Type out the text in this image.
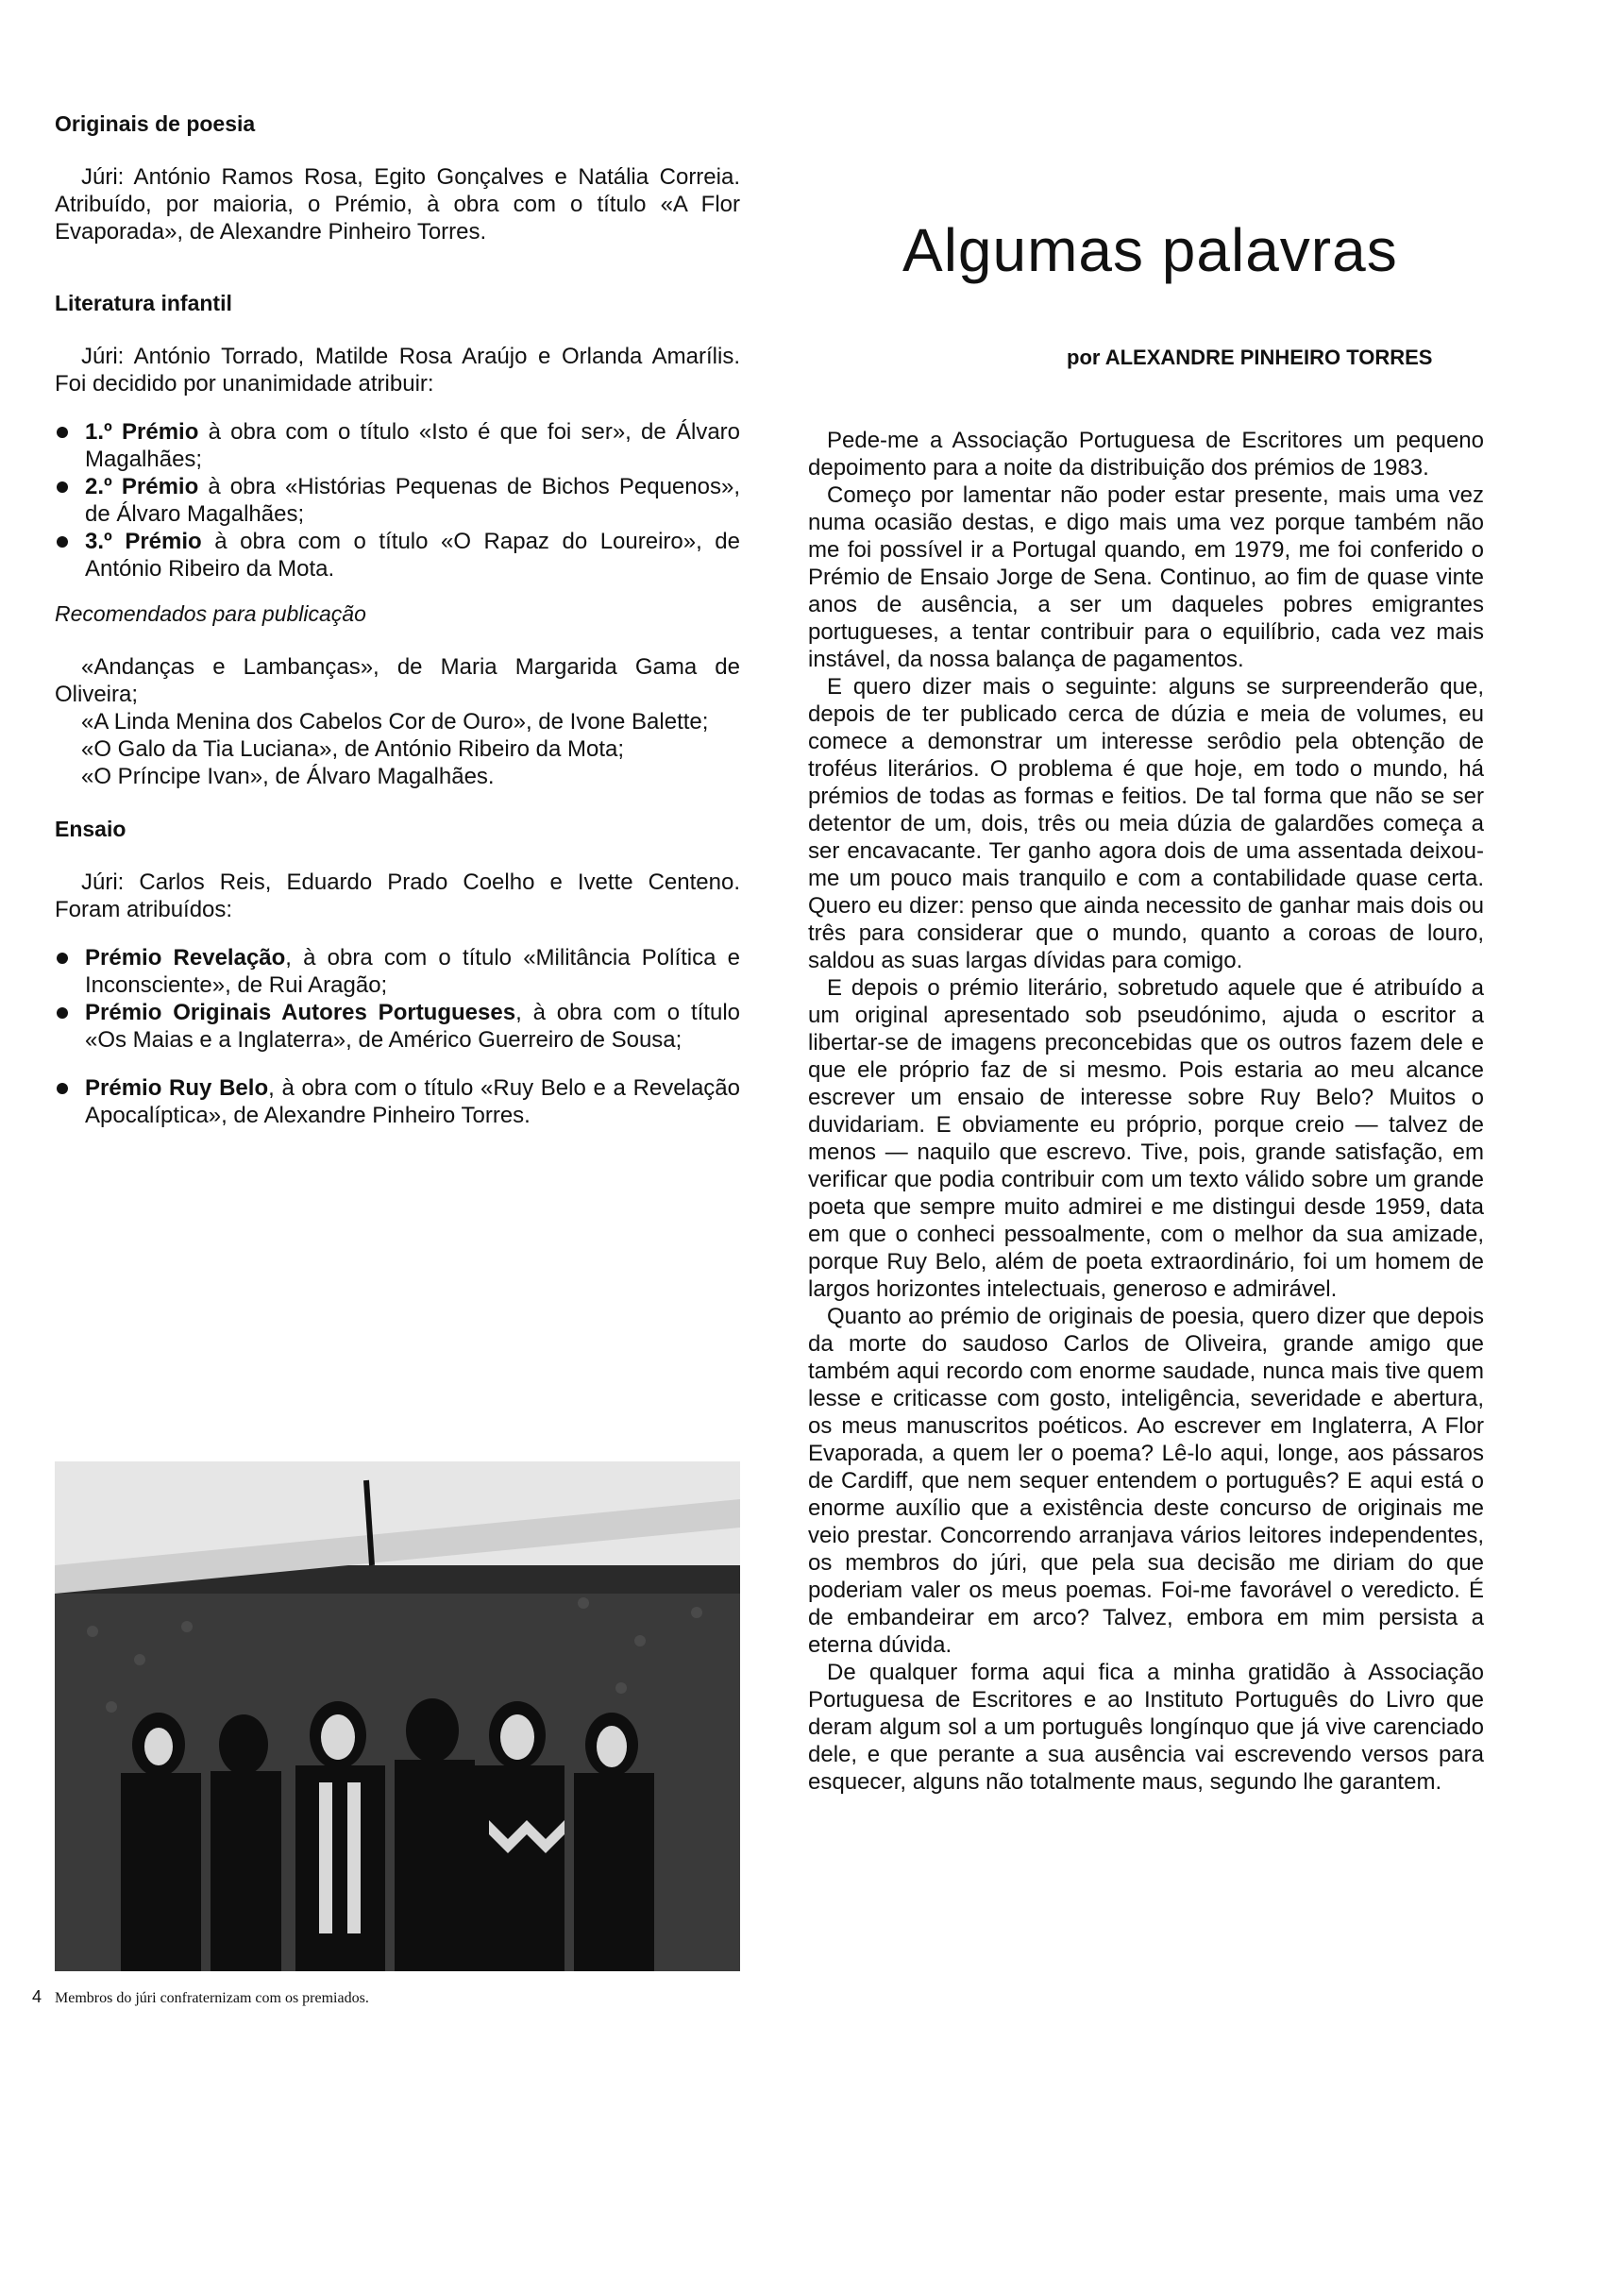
Originais de poesia

Júri: António Ramos Rosa, Egito Gonçalves e Natália Correia. Atribuído, por maioria, o Prémio, à obra com o título «A Flor Evaporada», de Alexandre Pinheiro Torres.

Literatura infantil

Júri: António Torrado, Matilde Rosa Araújo e Orlanda Amarílis. Foi decidido por unanimidade atribuir:

1.º Prémio à obra com o título «Isto é que foi ser», de Álvaro Magalhães;
2.º Prémio à obra «Histórias Pequenas de Bichos Pequenos», de Álvaro Magalhães;
3.º Prémio à obra com o título «O Rapaz do Loureiro», de António Ribeiro da Mota.

Recomendados para publicação

«Andanças e Lambanças», de Maria Margarida Gama de Oliveira;

«A Linda Menina dos Cabelos Cor de Ouro», de Ivone Balette;

«O Galo da Tia Luciana», de António Ribeiro da Mota;

«O Príncipe Ivan», de Álvaro Magalhães.

Ensaio

Júri: Carlos Reis, Eduardo Prado Coelho e Ivette Centeno. Foram atribuídos:

Prémio Revelação, à obra com o título «Militância Política e Inconsciente», de Rui Aragão;
Prémio Originais Autores Portugueses, à obra com o título «Os Maias e a Inglaterra», de Américo Guerreiro de Sousa;
Prémio Ruy Belo, à obra com o título «Ruy Belo e a Revelação Apocalíptica», de Alexandre Pinheiro Torres.
4 Membros do júri confraternizam com os premiados.
Algumas palavras

por ALEXANDRE PINHEIRO TORRES

Pede-me a Associação Portuguesa de Escritores um pequeno depoimento para a noite da distribuição dos prémios de 1983.

Começo por lamentar não poder estar presente, mais uma vez numa ocasião destas, e digo mais uma vez porque também não me foi possível ir a Portugal quando, em 1979, me foi conferido o Prémio de Ensaio Jorge de Sena. Continuo, ao fim de quase vinte anos de ausência, a ser um daqueles pobres emigrantes portugueses, a tentar contribuir para o equilíbrio, cada vez mais instável, da nossa balança de pagamentos.

E quero dizer mais o seguinte: alguns se surpreenderão que, depois de ter publicado cerca de dúzia e meia de volumes, eu comece a demonstrar um interesse serôdio pela obtenção de troféus literários. O problema é que hoje, em todo o mundo, há prémios de todas as formas e feitios. De tal forma que não se ser detentor de um, dois, três ou meia dúzia de galardões começa a ser encavacante. Ter ganho agora dois de uma assentada deixou-me um pouco mais tranquilo e com a contabilidade quase certa. Quero eu dizer: penso que ainda necessito de ganhar mais dois ou três para considerar que o mundo, quanto a coroas de louro, saldou as suas largas dívidas para comigo.

E depois o prémio literário, sobretudo aquele que é atribuído a um original apresentado sob pseudónimo, ajuda o escritor a libertar-se de imagens preconcebidas que os outros fazem dele e que ele próprio faz de si mesmo. Pois estaria ao meu alcance escrever um ensaio de interesse sobre Ruy Belo? Muitos o duvidariam. E obviamente eu próprio, porque creio — talvez de menos — naquilo que escrevo. Tive, pois, grande satisfação, em verificar que podia contribuir com um texto válido sobre um grande poeta que sempre muito admirei e me distingui desde 1959, data em que o conheci pessoalmente, com o melhor da sua amizade, porque Ruy Belo, além de poeta extraordinário, foi um homem de largos horizontes intelectuais, generoso e admirável.

Quanto ao prémio de originais de poesia, quero dizer que depois da morte do saudoso Carlos de Oliveira, grande amigo que também aqui recordo com enorme saudade, nunca mais tive quem lesse e criticasse com gosto, inteligência, severidade e abertura, os meus manuscritos poéticos. Ao escrever em Inglaterra, A Flor Evaporada, a quem ler o poema? Lê-lo aqui, longe, aos pássaros de Cardiff, que nem sequer entendem o português? E aqui está o enorme auxílio que a existência deste concurso de originais me veio prestar. Concorrendo arranjava vários leitores independentes, os membros do júri, que pela sua decisão me diriam do que poderiam valer os meus poemas. Foi-me favorável o veredicto. É de embandeirar em arco? Talvez, embora em mim persista a eterna dúvida.

De qualquer forma aqui fica a minha gratidão à Associação Portuguesa de Escritores e ao Instituto Português do Livro que deram algum sol a um português longínquo que já vive carenciado dele, e que perante a sua ausência vai escrevendo versos para esquecer, alguns não totalmente maus, segundo lhe garantem.
